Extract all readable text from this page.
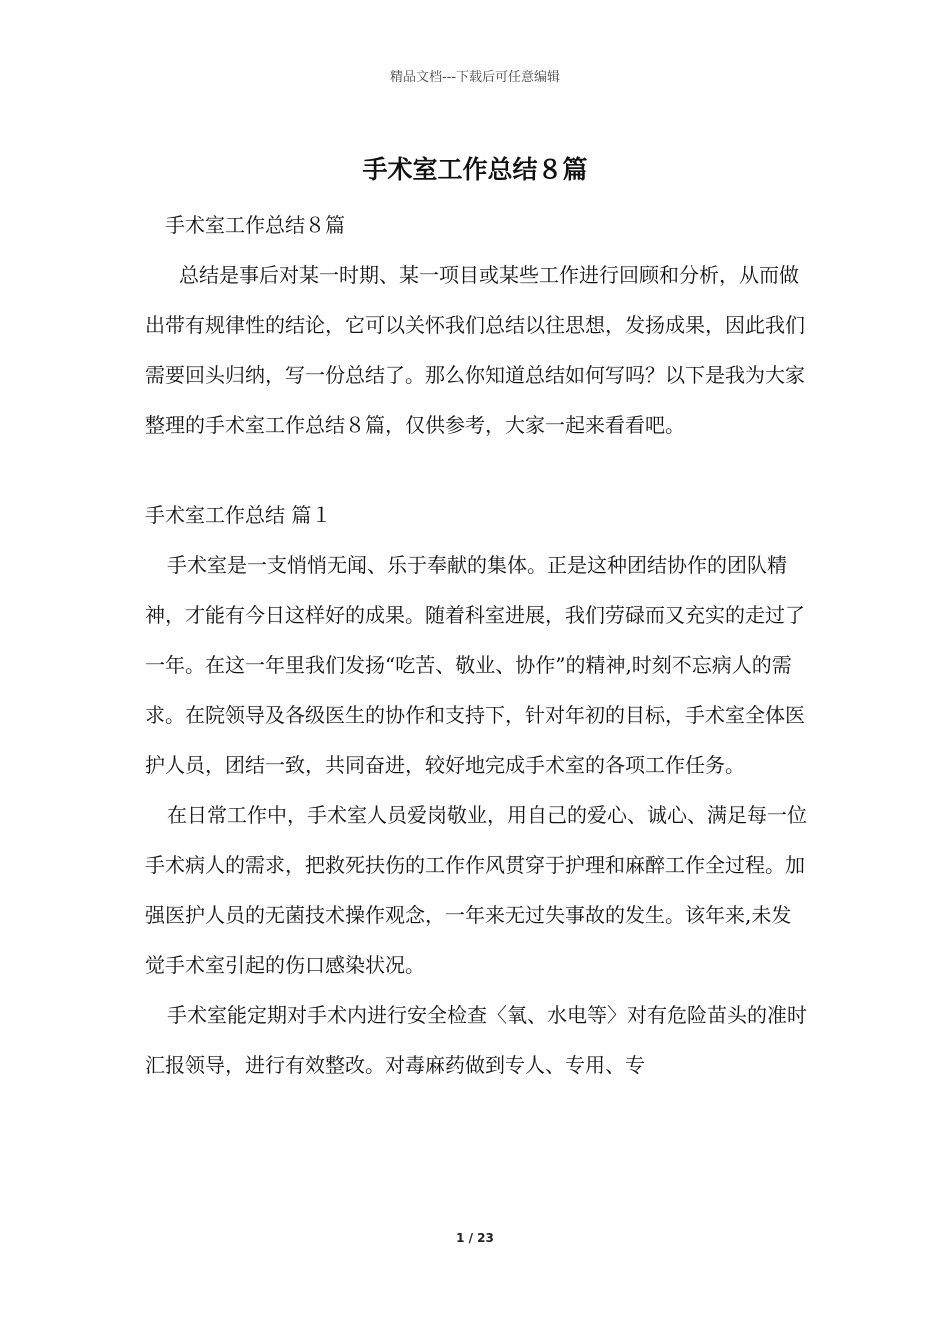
精品文档---下载后可任意编辑
手术室工作总结８篇

手术室工作总结８篇

总结是事后对某一时期、某一项目或某些工作进行回顾和分析，从而做出带有规律性的结论，它可以关怀我们总结以往思想，发扬成果，因此我们需要回头归纳，写一份总结了。那么你知道总结如何写吗？以下是我为大家整理的手术室工作总结８篇，仅供参考，大家一起来看看吧。

手术室工作总结 篇１

手术室是一支悄悄无闻、乐于奉献的集体。正是这种团结协作的团队精神，才能有今日这样好的成果。随着科室进展，我们劳碌而又充实的走过了一年。在这一年里我们发扬“吃苦、敬业、协作”的精神,时刻不忘病人的需求。在院领导及各级医生的协作和支持下，针对年初的目标，手术室全体医护人员，团结一致，共同奋进，较好地完成手术室的各项工作任务。

在日常工作中，手术室人员爱岗敬业，用自己的爱心、诚心、满足每一位手术病人的需求，把救死扶伤的工作作风贯穿于护理和麻醉工作全过程。加强医护人员的无菌技术操作观念，一年来无过失事故的发生。该年来,未发觉手术室引起的伤口感染状况。

手术室能定期对手术内进行安全检查〈氧、水电等〉对有危险苗头的准时汇报领导，进行有效整改。对毒麻药做到专人、专用、专

1 / 23
